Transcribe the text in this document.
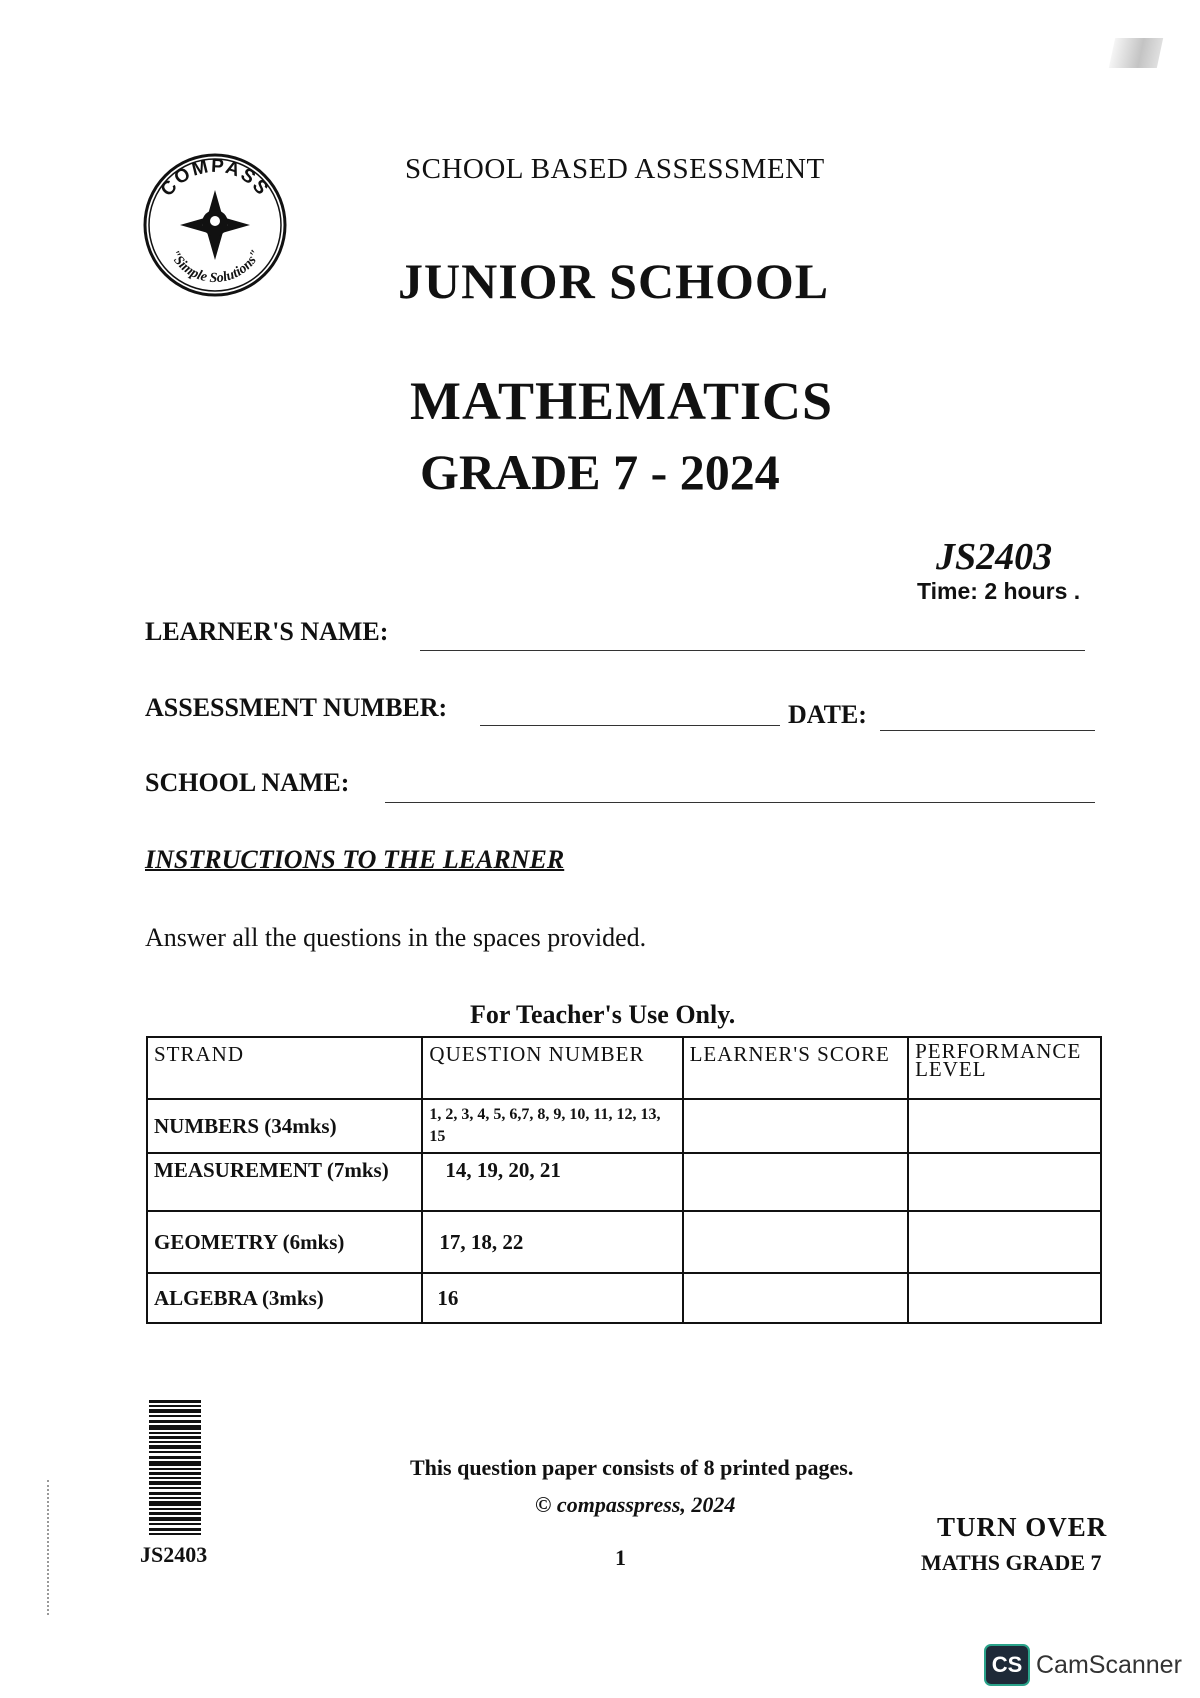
COMPASS
"Simple Solutions"
SCHOOL BASED ASSESSMENT
JUNIOR SCHOOL
MATHEMATICS
GRADE 7 - 2024
JS2403
Time: 2 hours .
LEARNER'S NAME:
ASSESSMENT NUMBER:	DATE:
SCHOOL NAME:
INSTRUCTIONS TO THE LEARNER
Answer all the questions in the spaces provided.
For Teacher's Use Only.
STRAND	QUESTION NUMBER	LEARNER'S SCORE	PERFORMANCE LEVEL
NUMBERS (34mks)	1, 2, 3, 4, 5, 6,7, 8, 9, 10, 11, 12, 13, 15		
MEASUREMENT (7mks)	14, 19, 20, 21		
GEOMETRY (6mks)	17, 18, 22		
ALGEBRA (3mks)	16		
JS2403
This question paper consists of 8 printed pages.
© compasspress, 2024
1
TURN OVER
MATHS GRADE 7
CS CamScanner
